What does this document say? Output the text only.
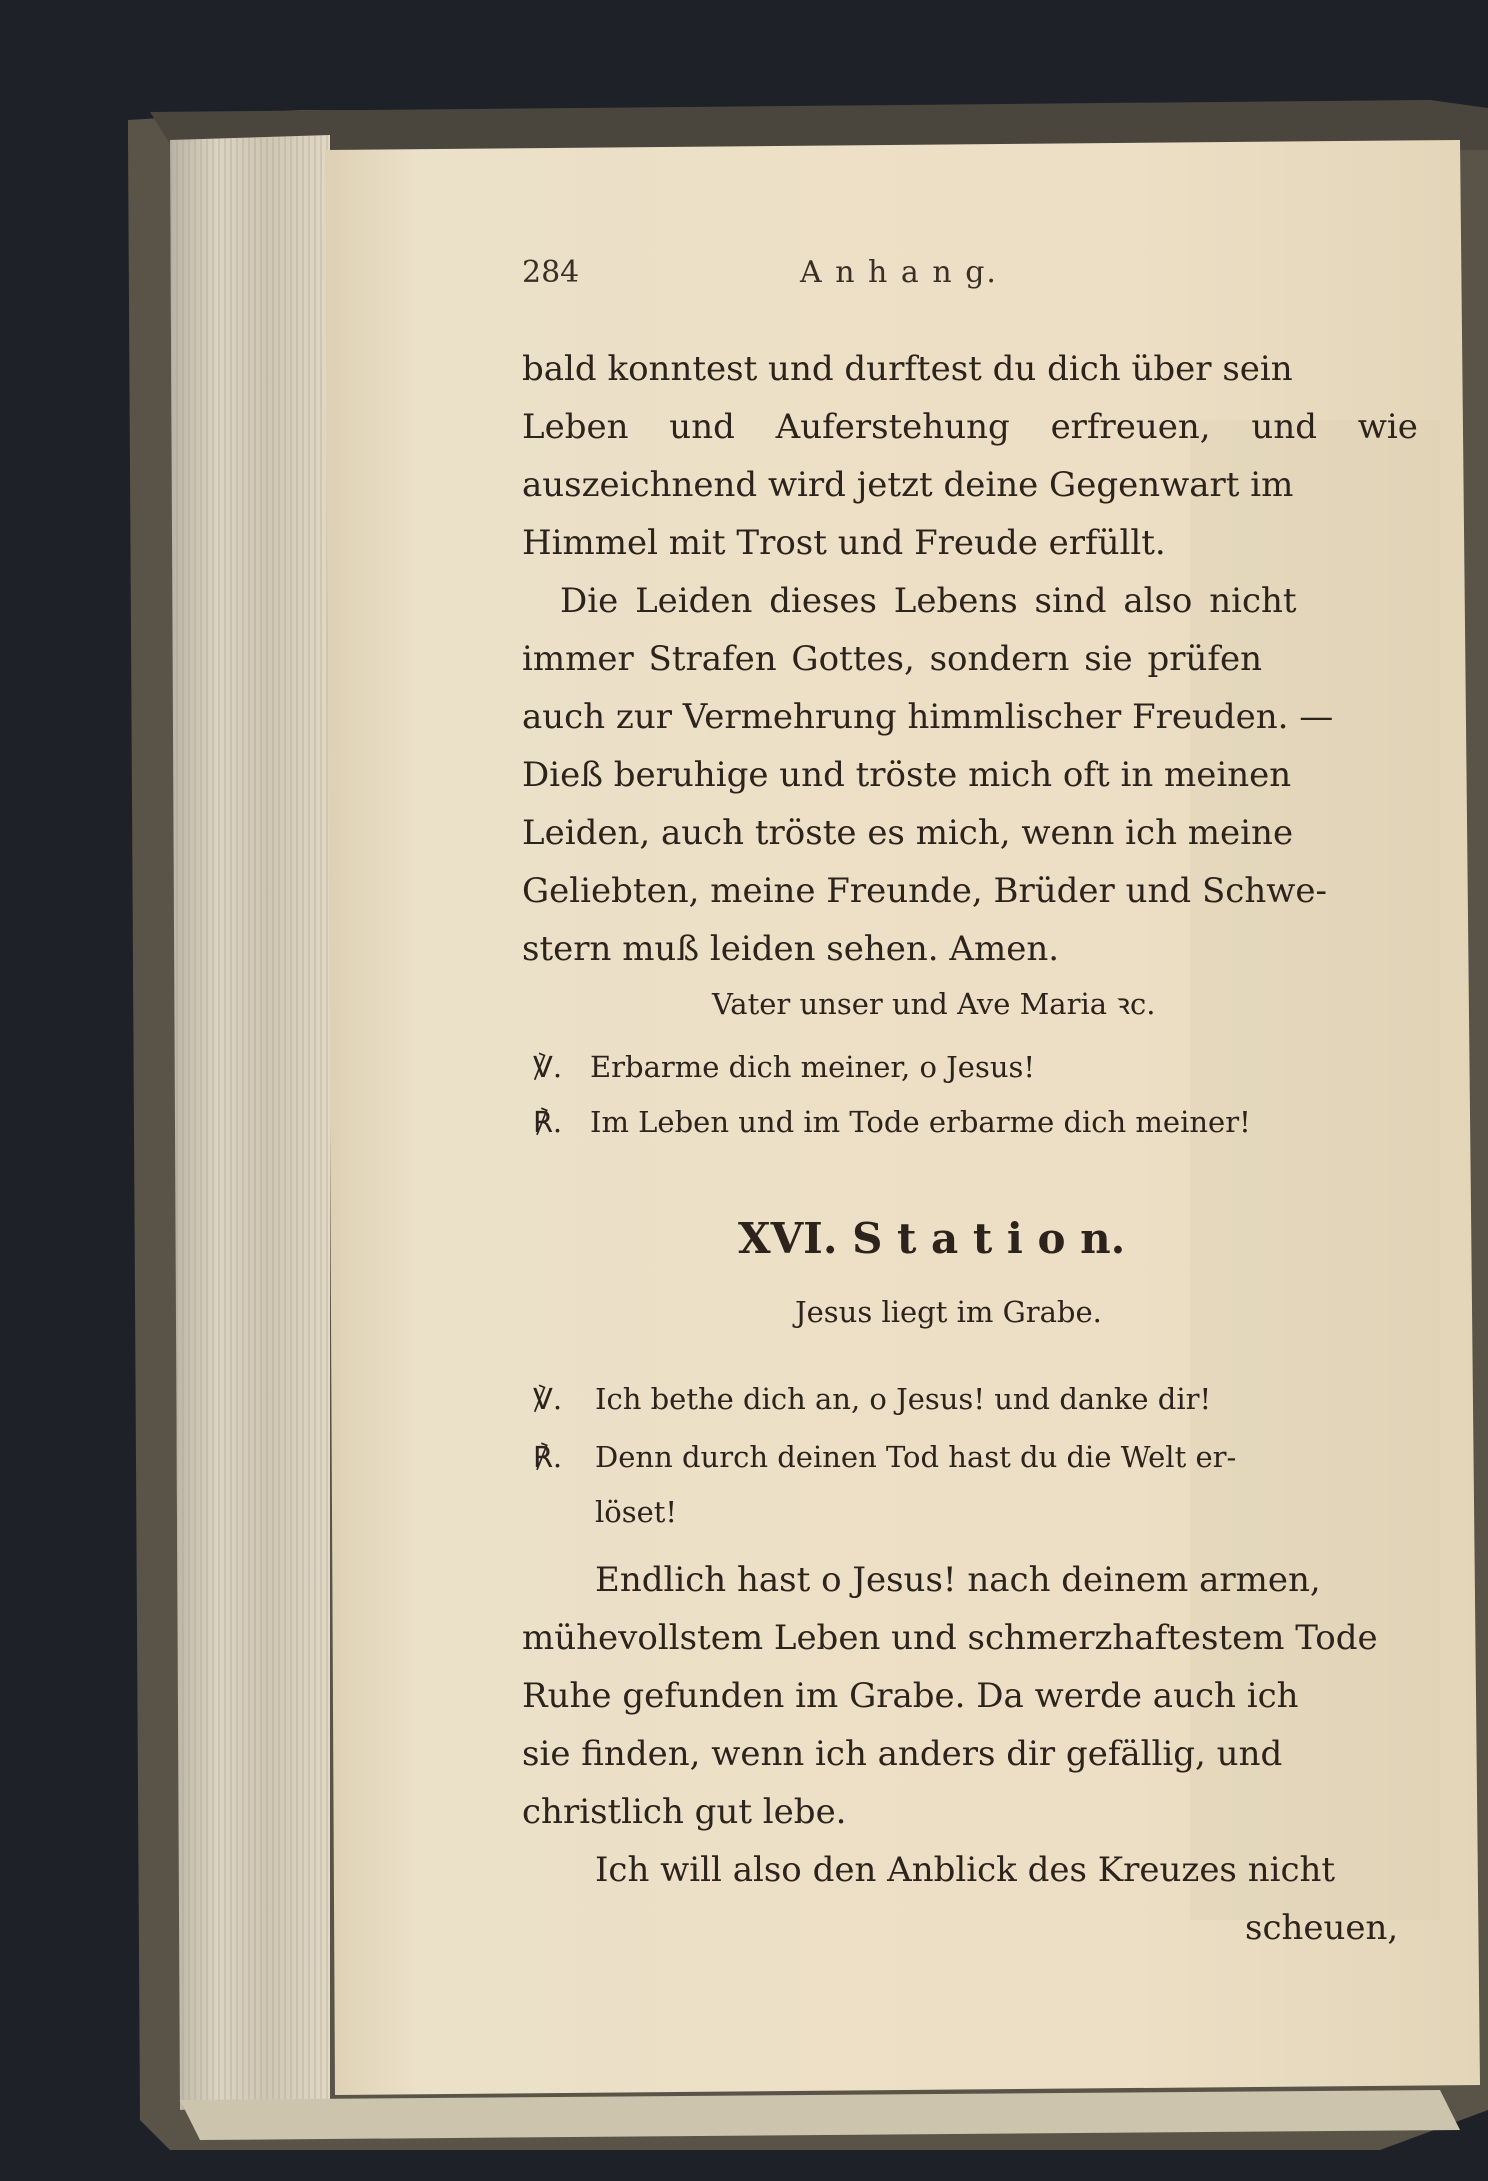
284	A n h a n g.
bald konntest und durftest du dich über sein
Leben und Auferstehung erfreuen, und wie
auszeichnend wird jetzt deine Gegenwart im
Himmel mit Trost und Freude erfüllt.
Die Leiden dieses Lebens sind also nicht
immer Strafen Gottes, sondern sie prüfen
auch zur Vermehrung himmlischer Freuden. —
Dieß beruhige und tröste mich oft in meinen
Leiden, auch tröste es mich, wenn ich meine
Geliebten, meine Freunde, Brüder und Schwe-
stern muß leiden sehen. Amen.
Vater unser und Ave Maria ꝛc.
℣. Erbarme dich meiner, o Jesus!
℟. Im Leben und im Tode erbarme dich meiner!
XVI. S t a t i o n.
Jesus liegt im Grabe.
℣. Ich bethe dich an, o Jesus! und danke dir!
℟. Denn durch deinen Tod hast du die Welt er-
löset!
Endlich hast o Jesus! nach deinem armen,
mühevollstem Leben und schmerzhaftestem Tode
Ruhe gefunden im Grabe. Da werde auch ich
sie finden, wenn ich anders dir gefällig, und
christlich gut lebe.
Ich will also den Anblick des Kreuzes nicht
scheuen,
